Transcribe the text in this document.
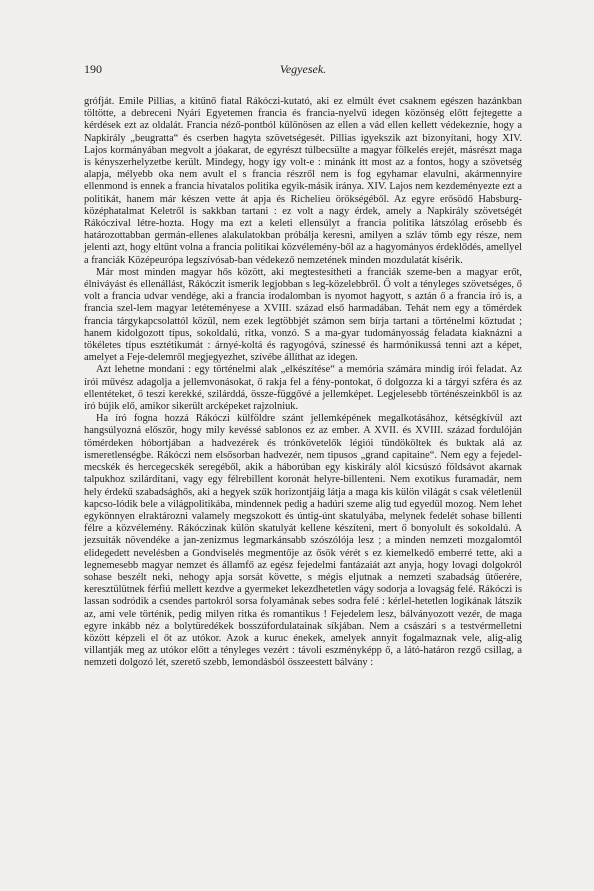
190	Vegyesek.

grófját. Emile Pillias, a kitűnő fiatal Rákóczi-kutató, aki ez elmúlt évet csaknem egészen hazánkban töltötte, a debreceni Nyári Egyetemen francia és francia-nyelvű idegen közönség előtt fejtegette a kérdések ezt az oldalát. Francia néző-pontból különösen az ellen a vád ellen kellett védekeznie, hogy a Napkirály „beugratta“ és cserben hagyta szövetségesét. Pillias igyekszik azt bizonyítani, hogy XIV. Lajos kormányában megvolt a jóakarat, de egyrészt túlbecsülte a magyar fölkelés erejét, másrészt maga is kényszerhelyzetbe került. Mindegy, hogy így volt-e : minánk itt most az a fontos, hogy a szövetség alapja, mélyebb oka nem avult el s francia részről nem is fog egyhamar elavulni, akármennyire ellenmond is ennek a francia hivatalos politika egyik-másik iránya. XIV. Lajos nem kezdeményezte ezt a politikát, hanem már készen vette át apja és Richelieu örökségéből. Az egyre erősödő Habsburg-középhatalmat Keletről is sakkban tartani : ez volt a nagy érdek, amely a Napkirály szövetségét Rákóczival létre-hozta. Hogy ma ezt a keleti ellensúlyt a francia politika látszólag erősebb és határozottabban germán-ellenes alakulatokban próbálja keresni, amilyen a szláv tömb egy része, nem jelenti azt, hogy eltűnt volna a francia politikai közvélemény-ből az a hagyományos érdeklődés, amellyel a franciák Középeurópa legszívósab-ban védekező nemzetének minden mozdulatát kísérik.

Már most minden magyar hős között, aki megtestesítheti a franciák szeme-ben a magyar erőt, élniváyást és ellenállást, Rákóczit ismerik legjobban s leg-közelebbről. Ő volt a tényleges szövetséges, ő volt a francia udvar vendége, aki a francia irodalomban is nyomot hagyott, s aztán ő a francia író is, a francia szel-lem magyar letéteményese a XVIII. század első harmadában. Tehát nem egy a tömérdek francia tárgykapcsolattól közül, nem ezek legtöbbjét számon sem bírja tartani a történelmi köztudat ; hanem kidolgozott típus, sokoldalú, ritka, vonzó. S a ma-gyar tudományosság feladata kiaknázni a tökéletes típus esztétikumát : árnyé-koltá és ragyogóvá, színessé és harmónikussá tenni azt a képet, amelyet a Feje-delemről megjegyezhet, szívébe állíthat az idegen.

Azt lehetne mondani : egy történelmi alak „elkészítése“ a memória számára mindig írói feladat. Az írói művész adagolja a jellemvonásokat, ő rakja fel a fény-pontokat, ő dolgozza ki a tárgyi szféra és az ellentéteket, ő teszi kerekké, szilárddá, össze-függővé a jellemképet. Legjelesebb történészeinkből is az író bújik elő, amikor sikerült arcképeket rajzolniuk.

Ha író fogna hozzá Rákóczi külföldre szánt jellemképének megalkotásához, kétségkívül azt hangsúlyozná először, hogy mily kevéssé sablonos ez az ember. A XVII. és XVIII. század fordulóján tömérdeken hóbortjában a hadvezérek és trónkövetelők légiói tündököltek és buktak alá az ismeretlenségbe. Rákóczi nem elsősorban hadvezér, nem tipusos „grand capitaine“. Nem egy a fejedel-mecskék és hercegecskék seregéből, akik a háborúban egy kiskirály alól kicsúszó földsávot akarnak talpukhoz szilárdítani, vagy egy félrebillent koronát helyre-billenteni. Nem exotikus furamadár, nem hely érdekű szabadsághős, aki a hegyek szűk horizontjáig látja a maga kis külön világát s csak véletlenül kapcso-lódik bele a világpolitikába, mindennek pedig a hadúri szeme alig tud egyedül mozog. Nem lehet egykönnyen elraktározni valamely megszokott és úntig-únt skatulyába, melynek fedelét sohase billenti félre a közvélemény. Rákóczinak külön skatulyát kellene készíteni, mert ő bonyolult és sokoldalú. A jezsuiták növendéke a jan-zenizmus legmarkánsabb szószólója lesz ; a minden nemzeti mozgalomtól elidegedett nevelésben a Gondviselés megmentője az ősök vérét s ez kiemelkedő emberré tette, aki a legnemesebb magyar nemzet és államfő az egész fejedelmi fantázaiát azt anyja, hogy lovagi dolgokról sohase beszélt neki, nehogy apja sorsát követte, s mégis eljutnak a nemzeti szabadság ütőerére, keresztülütnek férfiú mellett kezdve a gyermeket lekezdhetetlen vágy sodorja a lovagság felé. Rákóczi is lassan sodródik a csendes partokról sorsa folyamának sebes sodra felé : kérlel-hetetlen logikának látszik az, ami vele történik, pedig milyen ritka és romantikus ! Fejedelem lesz, bálványozott vezér, de maga egyre inkább néz a bolytüredékek bosszúfordulatainak síkjában. Nem a császári s a testvérmelletni között képzeli el őt az utókor. Azok a kuruc énekek, amelyek annyit fogalmaznak vele, alig-alig villantják meg az utókor előtt a tényleges vezért : távoli eszményképp ő, a látó-határon rezgő csillag, a nemzeti dolgozó lét, szerető szebb, lemondásból összeestett bálvány :
